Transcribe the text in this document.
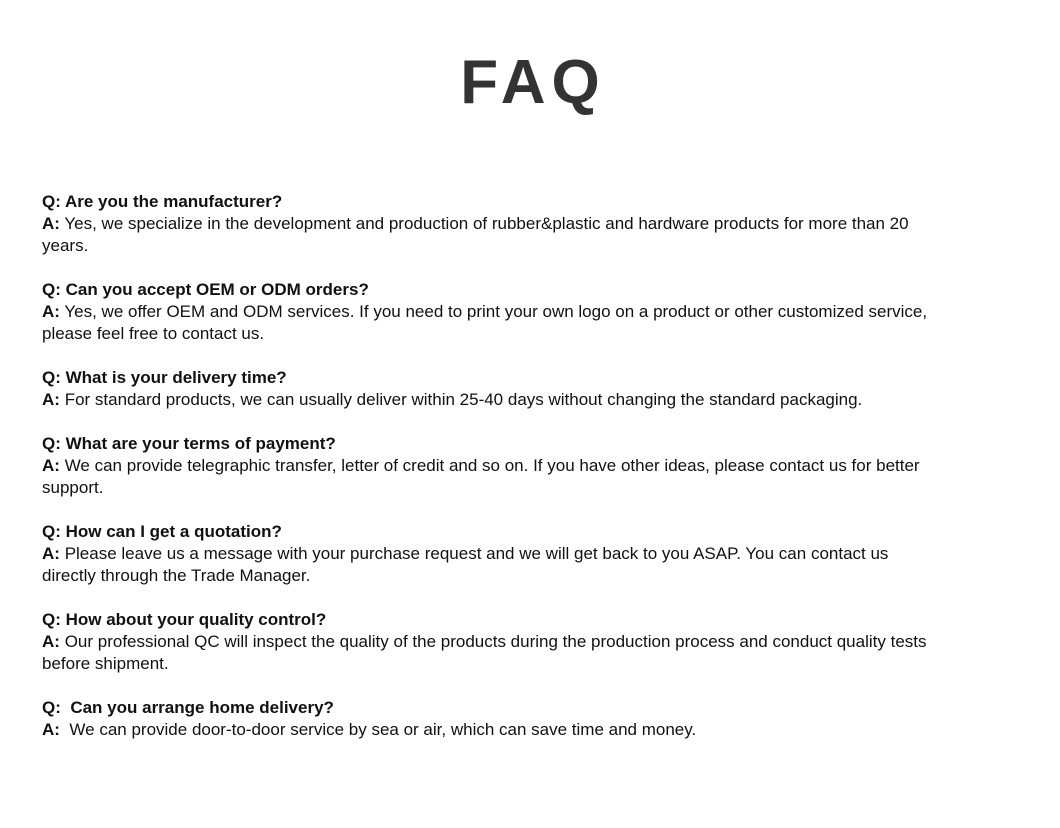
FAQ

Q: Are you the manufacturer?

A: Yes, we specialize in the development and production of rubber&plastic and hardware products for more than 20 years.

Q: Can you accept OEM or ODM orders?

A: Yes, we offer OEM and ODM services. If you need to print your own logo on a product or other customized service, please feel free to contact us.

Q: What is your delivery time?

A: For standard products, we can usually deliver within 25-40 days without changing the standard packaging.

Q: What are your terms of payment?

A: We can provide telegraphic transfer, letter of credit and so on. If you have other ideas, please contact us for better support.

Q: How can I get a quotation?

A: Please leave us a message with your purchase request and we will get back to you ASAP. You can contact us directly through the Trade Manager.

Q: How about your quality control?

A: Our professional QC will inspect the quality of the products during the production process and conduct quality tests before shipment.

Q:  Can you arrange home delivery?

A:  We can provide door-to-door service by sea or air, which can save time and money.
